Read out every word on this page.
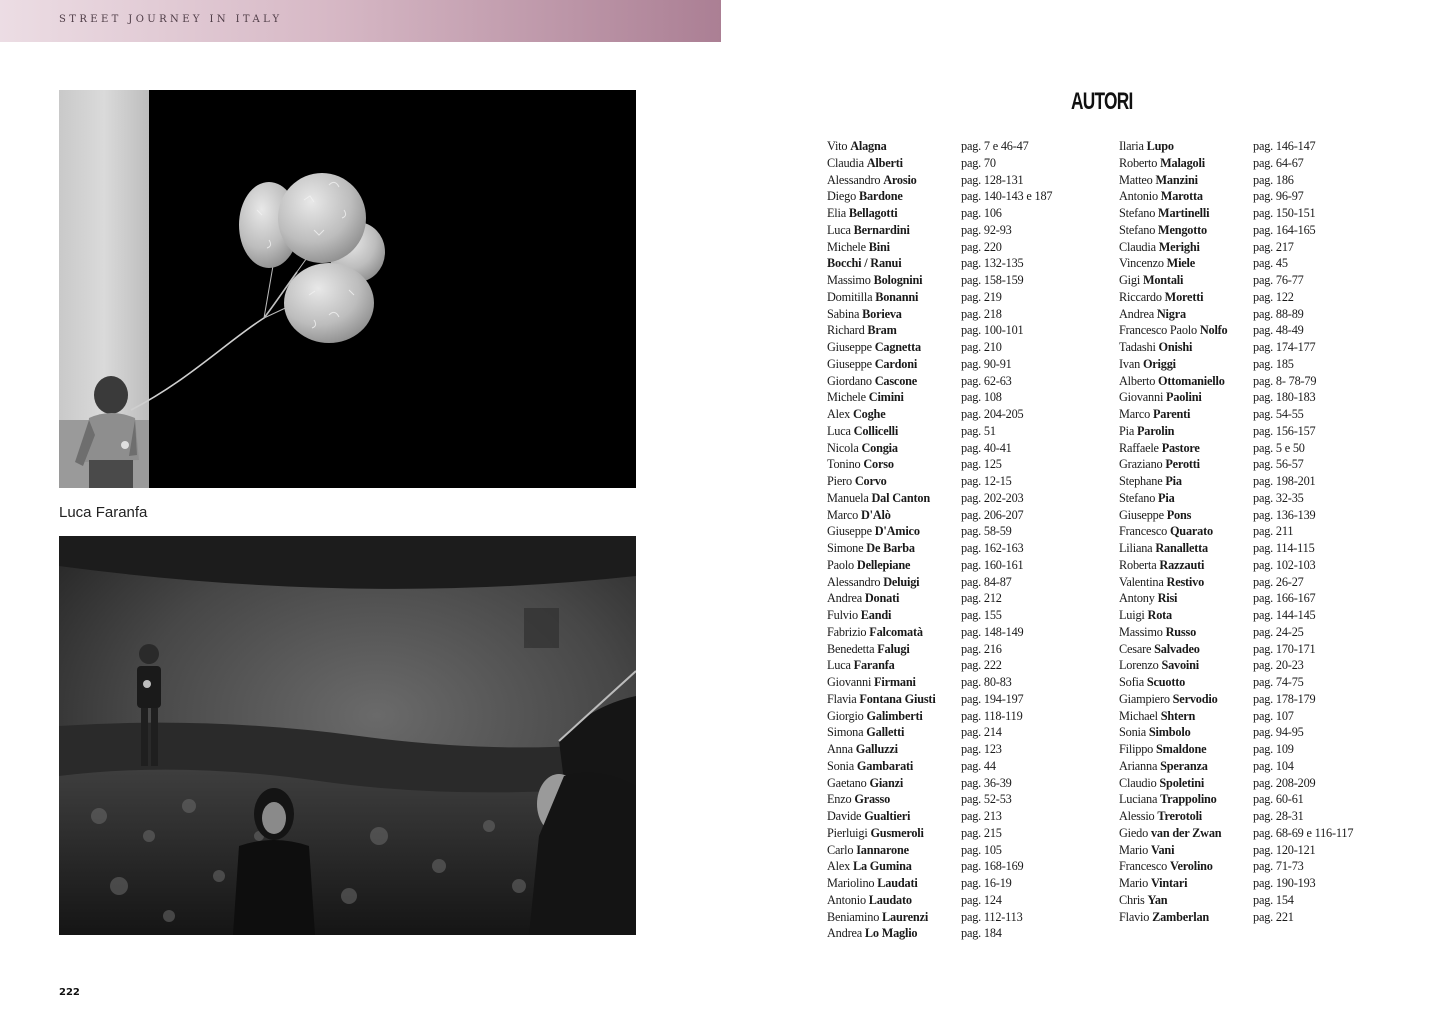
STREET JOURNEY IN ITALY
Luca Faranfa
222
AUTORI
Vito Alagna	pag. 7 e 46-47
Claudia Alberti	pag. 70
Alessandro Arosio	pag. 128-131
Diego Bardone	pag. 140-143 e 187
Elia Bellagotti	pag. 106
Luca Bernardini	pag. 92-93
Michele Bini	pag. 220
Bocchi / Ranui	pag. 132-135
Massimo Bolognini	pag. 158-159
Domitilla Bonanni	pag. 219
Sabina Borieva	pag. 218
Richard Bram	pag. 100-101
Giuseppe Cagnetta	pag. 210
Giuseppe Cardoni	pag. 90-91
Giordano Cascone	pag. 62-63
Michele Cimini	pag. 108
Alex Coghe	pag. 204-205
Luca Collicelli	pag. 51
Nicola Congia	pag. 40-41
Tonino Corso	pag. 125
Piero Corvo	pag. 12-15
Manuela Dal Canton	pag. 202-203
Marco D'Alò	pag. 206-207
Giuseppe D'Amico	pag. 58-59
Simone De Barba	pag. 162-163
Paolo Dellepiane	pag. 160-161
Alessandro Deluigi	pag. 84-87
Andrea Donati	pag. 212
Fulvio Eandi	pag. 155
Fabrizio Falcomatà	pag. 148-149
Benedetta Falugi	pag. 216
Luca Faranfa	pag. 222
Giovanni Firmani	pag. 80-83
Flavia Fontana Giusti pag. 194-197
Giorgio Galimberti	pag. 118-119
Simona Galletti	pag. 214
Anna Galluzzi	pag. 123
Sonia Gambarati	pag. 44
Gaetano Gianzi	pag. 36-39
Enzo Grasso	pag. 52-53
Davide Gualtieri	pag. 213
Pierluigi Gusmeroli	pag. 215
Carlo Iannarone	pag. 105
Alex La Gumina	pag. 168-169
Mariolino Laudati	pag. 16-19
Antonio Laudato	pag. 124
Beniamino Laurenzi	pag. 112-113
Andrea Lo Maglio	pag. 184
Ilaria Lupo	pag. 146-147
Roberto Malagoli	pag. 64-67
Matteo Manzini	pag. 186
Antonio Marotta	pag. 96-97
Stefano Martinelli	pag. 150-151
Stefano Mengotto	pag. 164-165
Claudia Merighi	pag. 217
Vincenzo Miele	pag. 45
Gigi Montali	pag. 76-77
Riccardo Moretti	pag. 122
Andrea Nigra	pag. 88-89
Francesco Paolo Nolfo pag. 48-49
Tadashi Onishi	pag. 174-177
Ivan Origgi	pag. 185
Alberto Ottomaniello pag. 8- 78-79
Giovanni Paolini	pag. 180-183
Marco Parenti	pag. 54-55
Pia Parolin	pag. 156-157
Raffaele Pastore	pag. 5 e 50
Graziano Perotti	pag. 56-57
Stephane Pia	pag. 198-201
Stefano Pia	pag. 32-35
Giuseppe Pons	pag. 136-139
Francesco Quarato	pag. 211
Liliana Ranalletta	pag. 114-115
Roberta Razzauti	pag. 102-103
Valentina Restivo	pag. 26-27
Antony Risi	pag. 166-167
Luigi Rota	pag. 144-145
Massimo Russo	pag. 24-25
Cesare Salvadeo	pag. 170-171
Lorenzo Savoini	pag. 20-23
Sofia Scuotto	pag. 74-75
Giampiero Servodio	pag. 178-179
Michael Shtern	pag. 107
Sonia Simbolo	pag. 94-95
Filippo Smaldone	pag. 109
Arianna Speranza	pag. 104
Claudio Spoletini	pag. 208-209
Luciana Trappolino	pag. 60-61
Alessio Trerotoli	pag. 28-31
Giedo van der Zwan	pag. 68-69 e 116-117
Mario Vani	pag. 120-121
Francesco Verolino	pag. 71-73
Mario Vintari	pag. 190-193
Chris Yan	pag. 154
Flavio Zamberlan	pag. 221
